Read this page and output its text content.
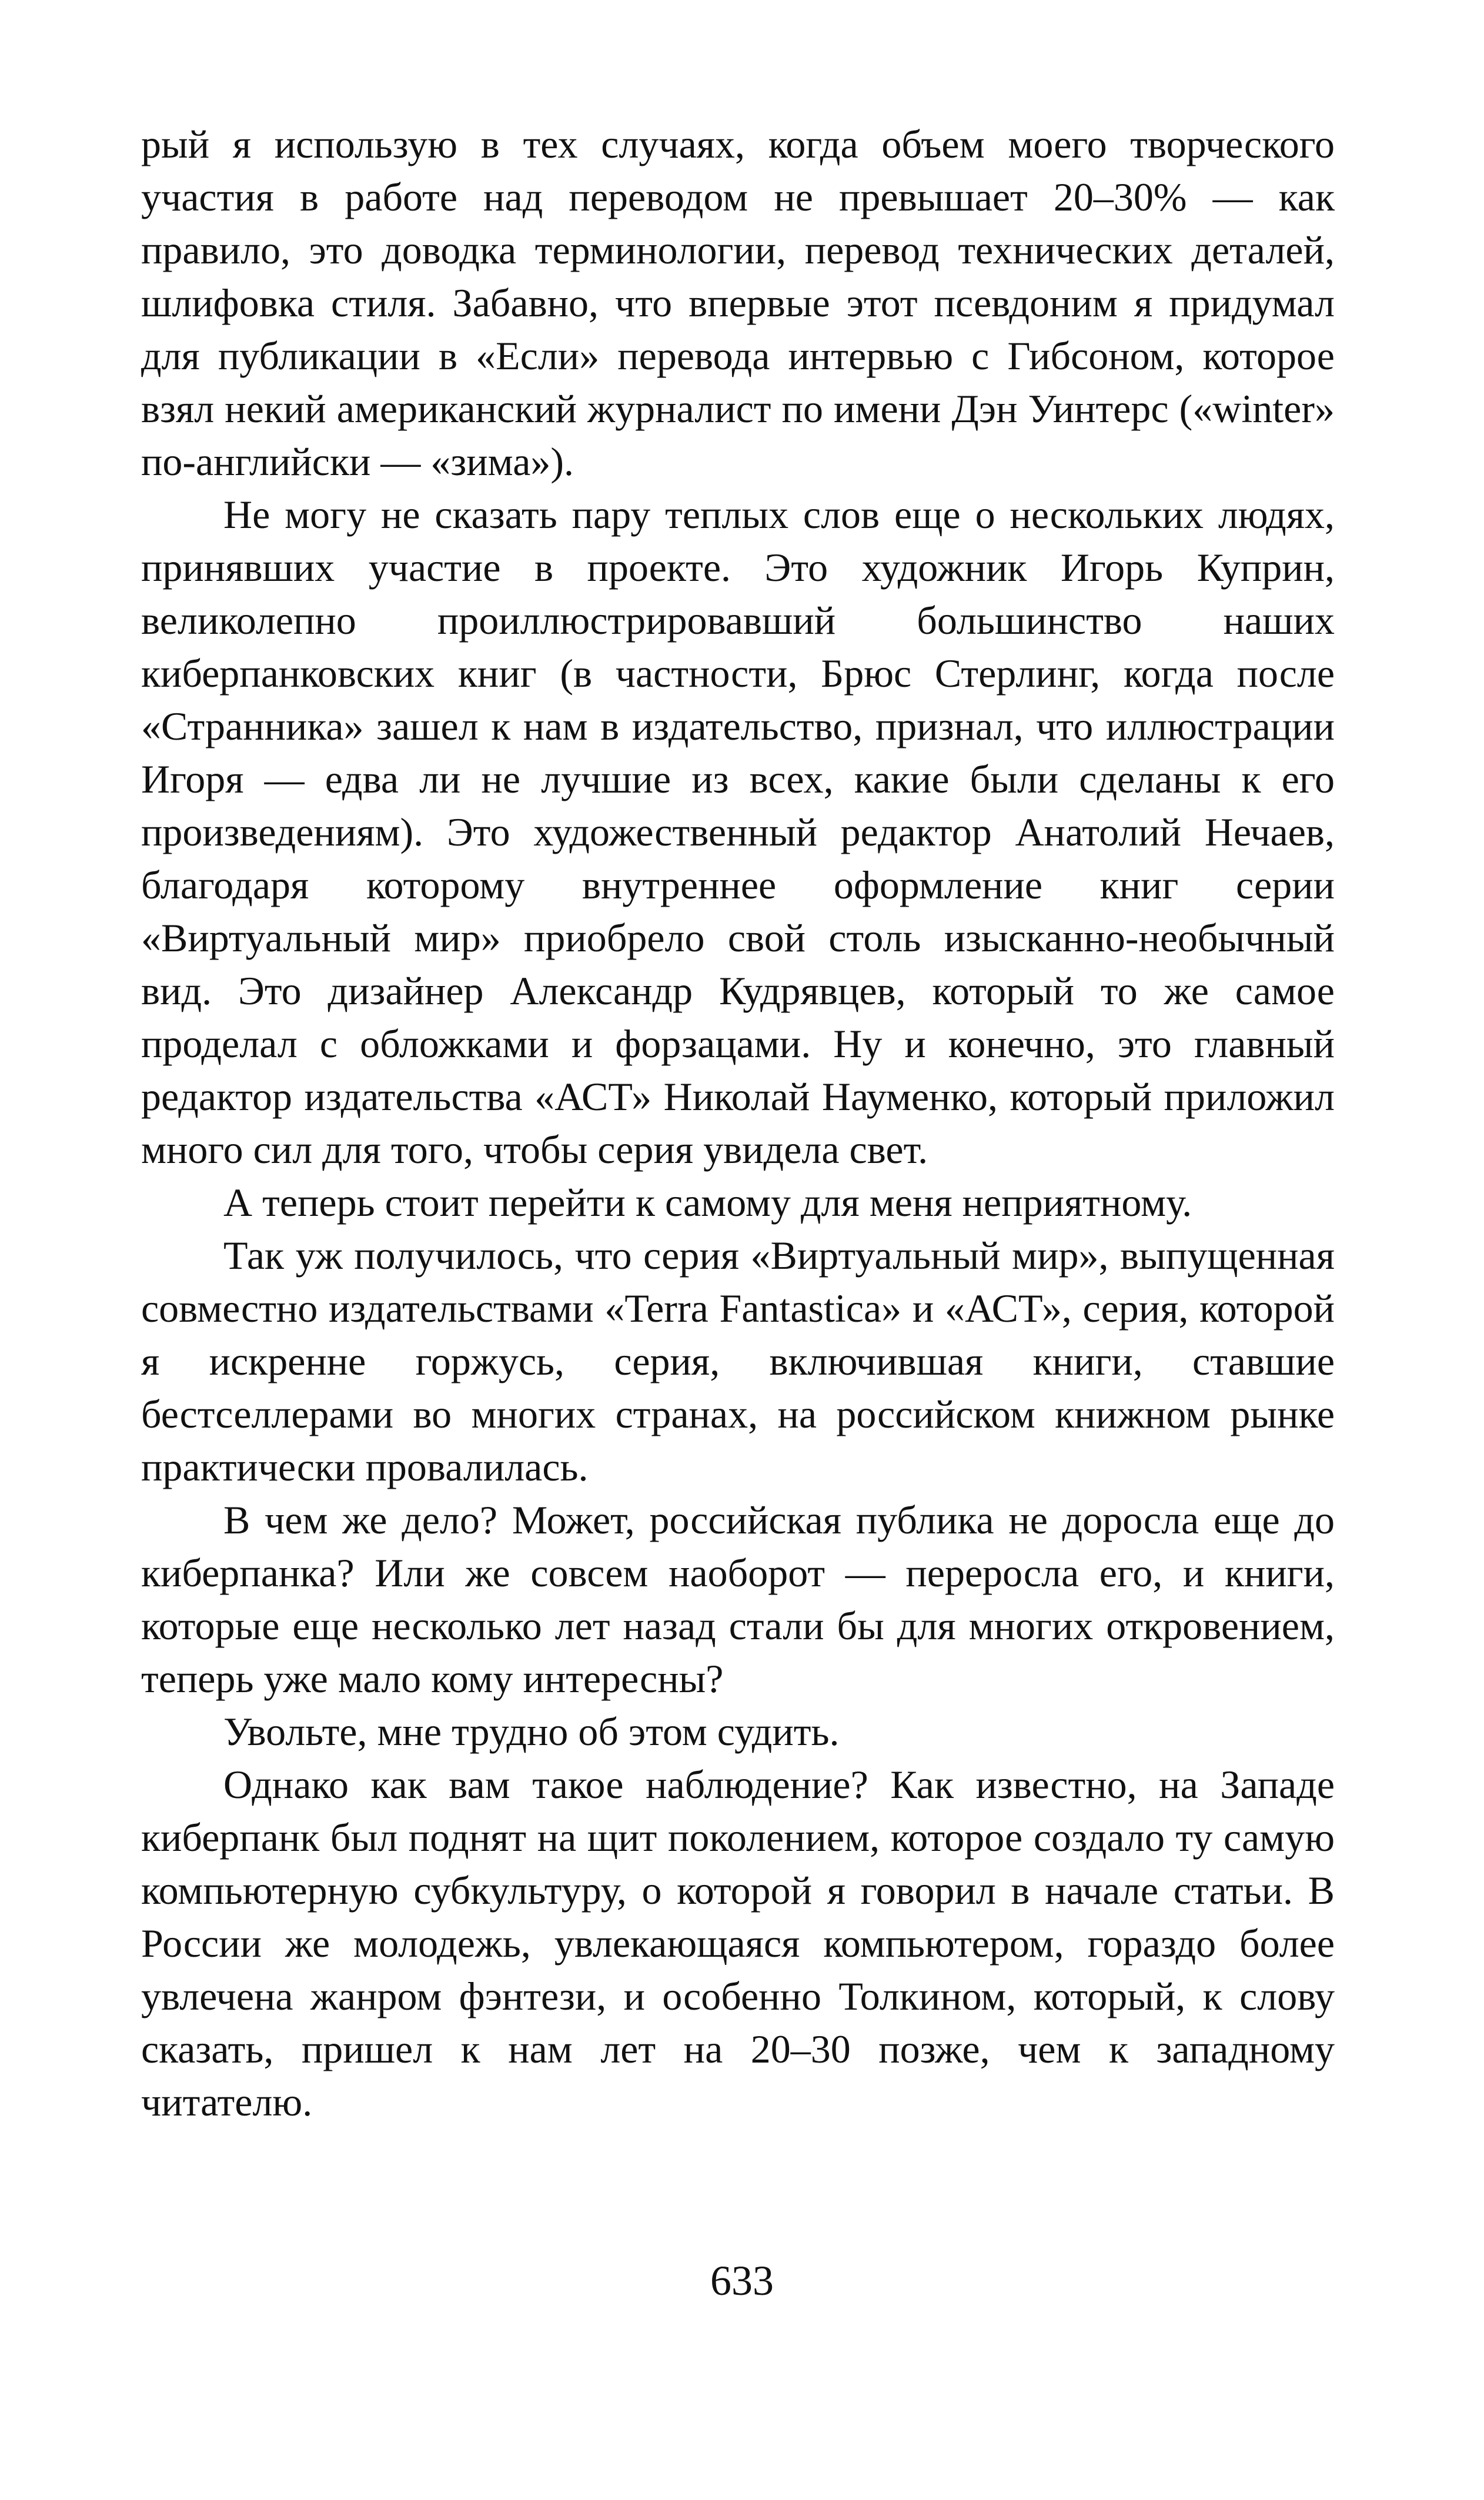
рый я использую в тех случаях, когда объем моего творческого участия в работе над переводом не превышает 20–30% — как правило, это доводка терминологии, перевод технических деталей, шлифовка стиля. Забавно, что впервые этот псевдоним я придумал для публикации в «Если» перевода интервью с Гибсоном, которое взял некий американский журналист по имени Дэн Уинтерс («winter» по-английски — «зима»).

Не могу не сказать пару теплых слов еще о нескольких людях, принявших участие в проекте. Это художник Игорь Куприн, великолепно проиллюстрировавший большинство наших киберпанковских книг (в частности, Брюс Стерлинг, когда после «Странника» зашел к нам в издательство, признал, что иллюстрации Игоря — едва ли не лучшие из всех, какие были сделаны к его произведениям). Это художественный редактор Анатолий Нечаев, благодаря которому внутреннее оформление книг серии «Виртуальный мир» приобрело свой столь изысканно-необычный вид. Это дизайнер Александр Кудрявцев, который то же самое проделал с обложками и форзацами. Ну и конечно, это главный редактор издательства «АСТ» Николай Науменко, который приложил много сил для того, чтобы серия увидела свет.

А теперь стоит перейти к самому для меня неприятному.

Так уж получилось, что серия «Виртуальный мир», выпущенная совместно издательствами «Terra Fantastica» и «АСТ», серия, которой я искренне горжусь, серия, включившая книги, ставшие бестселлерами во многих странах, на российском книжном рынке практически провалилась.

В чем же дело? Может, российская публика не доросла еще до киберпанка? Или же совсем наоборот — переросла его, и книги, которые еще несколько лет назад стали бы для многих откровением, теперь уже мало кому интересны?

Увольте, мне трудно об этом судить.

Однако как вам такое наблюдение? Как известно, на Западе киберпанк был поднят на щит поколением, которое создало ту самую компьютерную субкультуру, о которой я говорил в начале статьи. В России же молодежь, увлекающаяся компьютером, гораздо более увлечена жанром фэнтези, и особенно Толкином, который, к слову сказать, пришел к нам лет на 20–30 позже, чем к западному читателю.

633
